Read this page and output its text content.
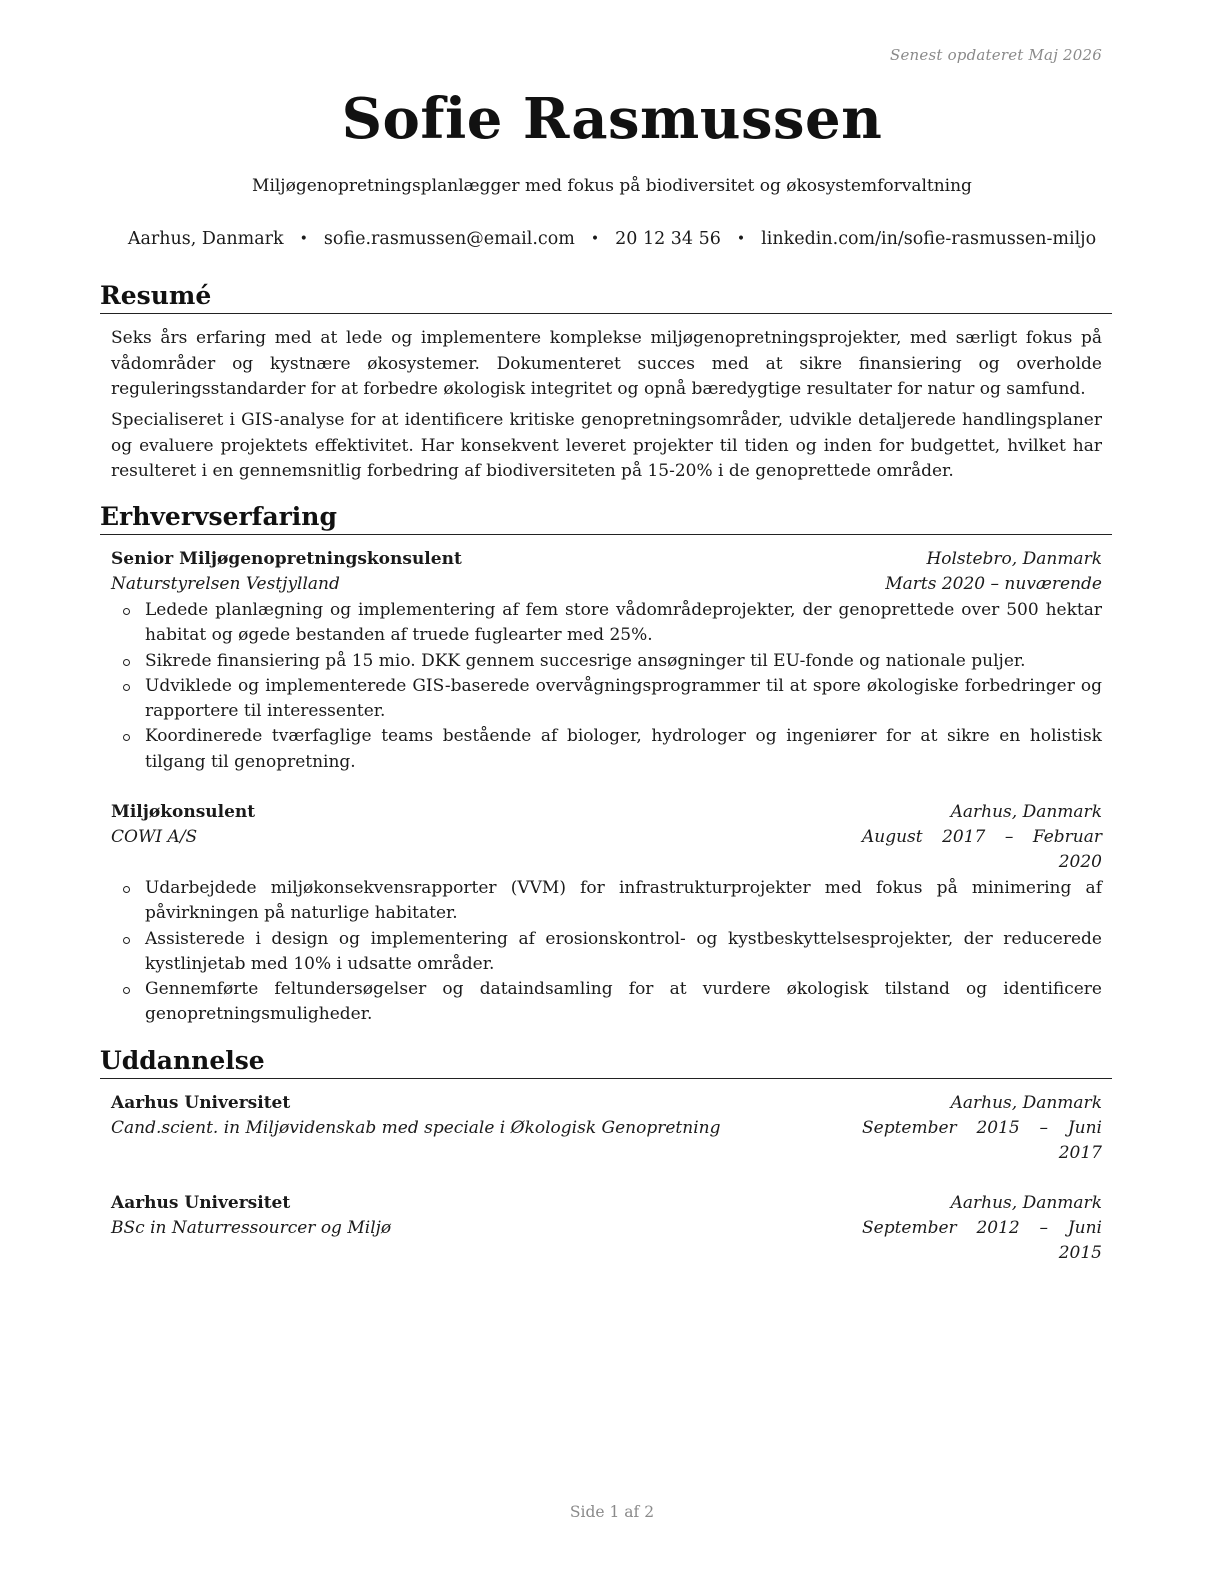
Senest opdateret Maj 2026
Sofie Rasmussen
Miljøgenopretningsplanlægger med fokus på biodiversitet og økosystemforvaltning
Aarhus, Danmark • sofie.rasmussen@email.com • 20 12 34 56 • linkedin.com/in/sofie-rasmussen-miljo
Resumé
Seks års erfaring med at lede og implementere komplekse miljøgenopretningsprojekter, med særligt fokus på vådområder og kystnære økosystemer. Dokumenteret succes med at sikre finansiering og overholde reguleringsstandarder for at forbedre økologisk integritet og opnå bæredygtige resultater for natur og samfund.
Specialiseret i GIS-analyse for at identificere kritiske genopretningsområder, udvikle detaljerede handlingsplaner og evaluere projektets effektivitet. Har konsekvent leveret projekter til tiden og inden for budgettet, hvilket har resulteret i en gennemsnitlig forbedring af biodiversiteten på 15-20% i de genoprettede områder.
Erhvervserfaring
Senior Miljøgenopretningskonsulent	Holstebro, Danmark
Naturstyrelsen Vestjylland	Marts 2020 – nuværende
Ledede planlægning og implementering af fem store vådområdeprojekter, der genoprettede over 500 hektar habitat og øgede bestanden af truede fuglearter med 25%.
Sikrede finansiering på 15 mio. DKK gennem succesrige ansøgninger til EU-fonde og nationale puljer.
Udviklede og implementerede GIS-baserede overvågningsprogrammer til at spore økologiske forbedringer og rapportere til interessenter.
Koordinerede tværfaglige teams bestående af biologer, hydrologer og ingeniører for at sikre en holistisk tilgang til genopretning.
Miljøkonsulent	Aarhus, Danmark
COWI A/S	August 2017 – Februar 2020
Udarbejdede miljøkonsekvensrapporter (VVM) for infrastrukturprojekter med fokus på minimering af påvirkningen på naturlige habitater.
Assisterede i design og implementering af erosionskontrol- og kystbeskyttelsesprojekter, der reducerede kystlinjetab med 10% i udsatte områder.
Gennemførte feltundersøgelser og dataindsamling for at vurdere økologisk tilstand og identificere genopretningsmuligheder.
Uddannelse
Aarhus Universitet	Aarhus, Danmark
Cand.scient. in Miljøvidenskab med speciale i Økologisk Genopretning	September 2015 – Juni 2017
Aarhus Universitet	Aarhus, Danmark
BSc in Naturressourcer og Miljø	September 2012 – Juni 2015
Side 1 af 2
